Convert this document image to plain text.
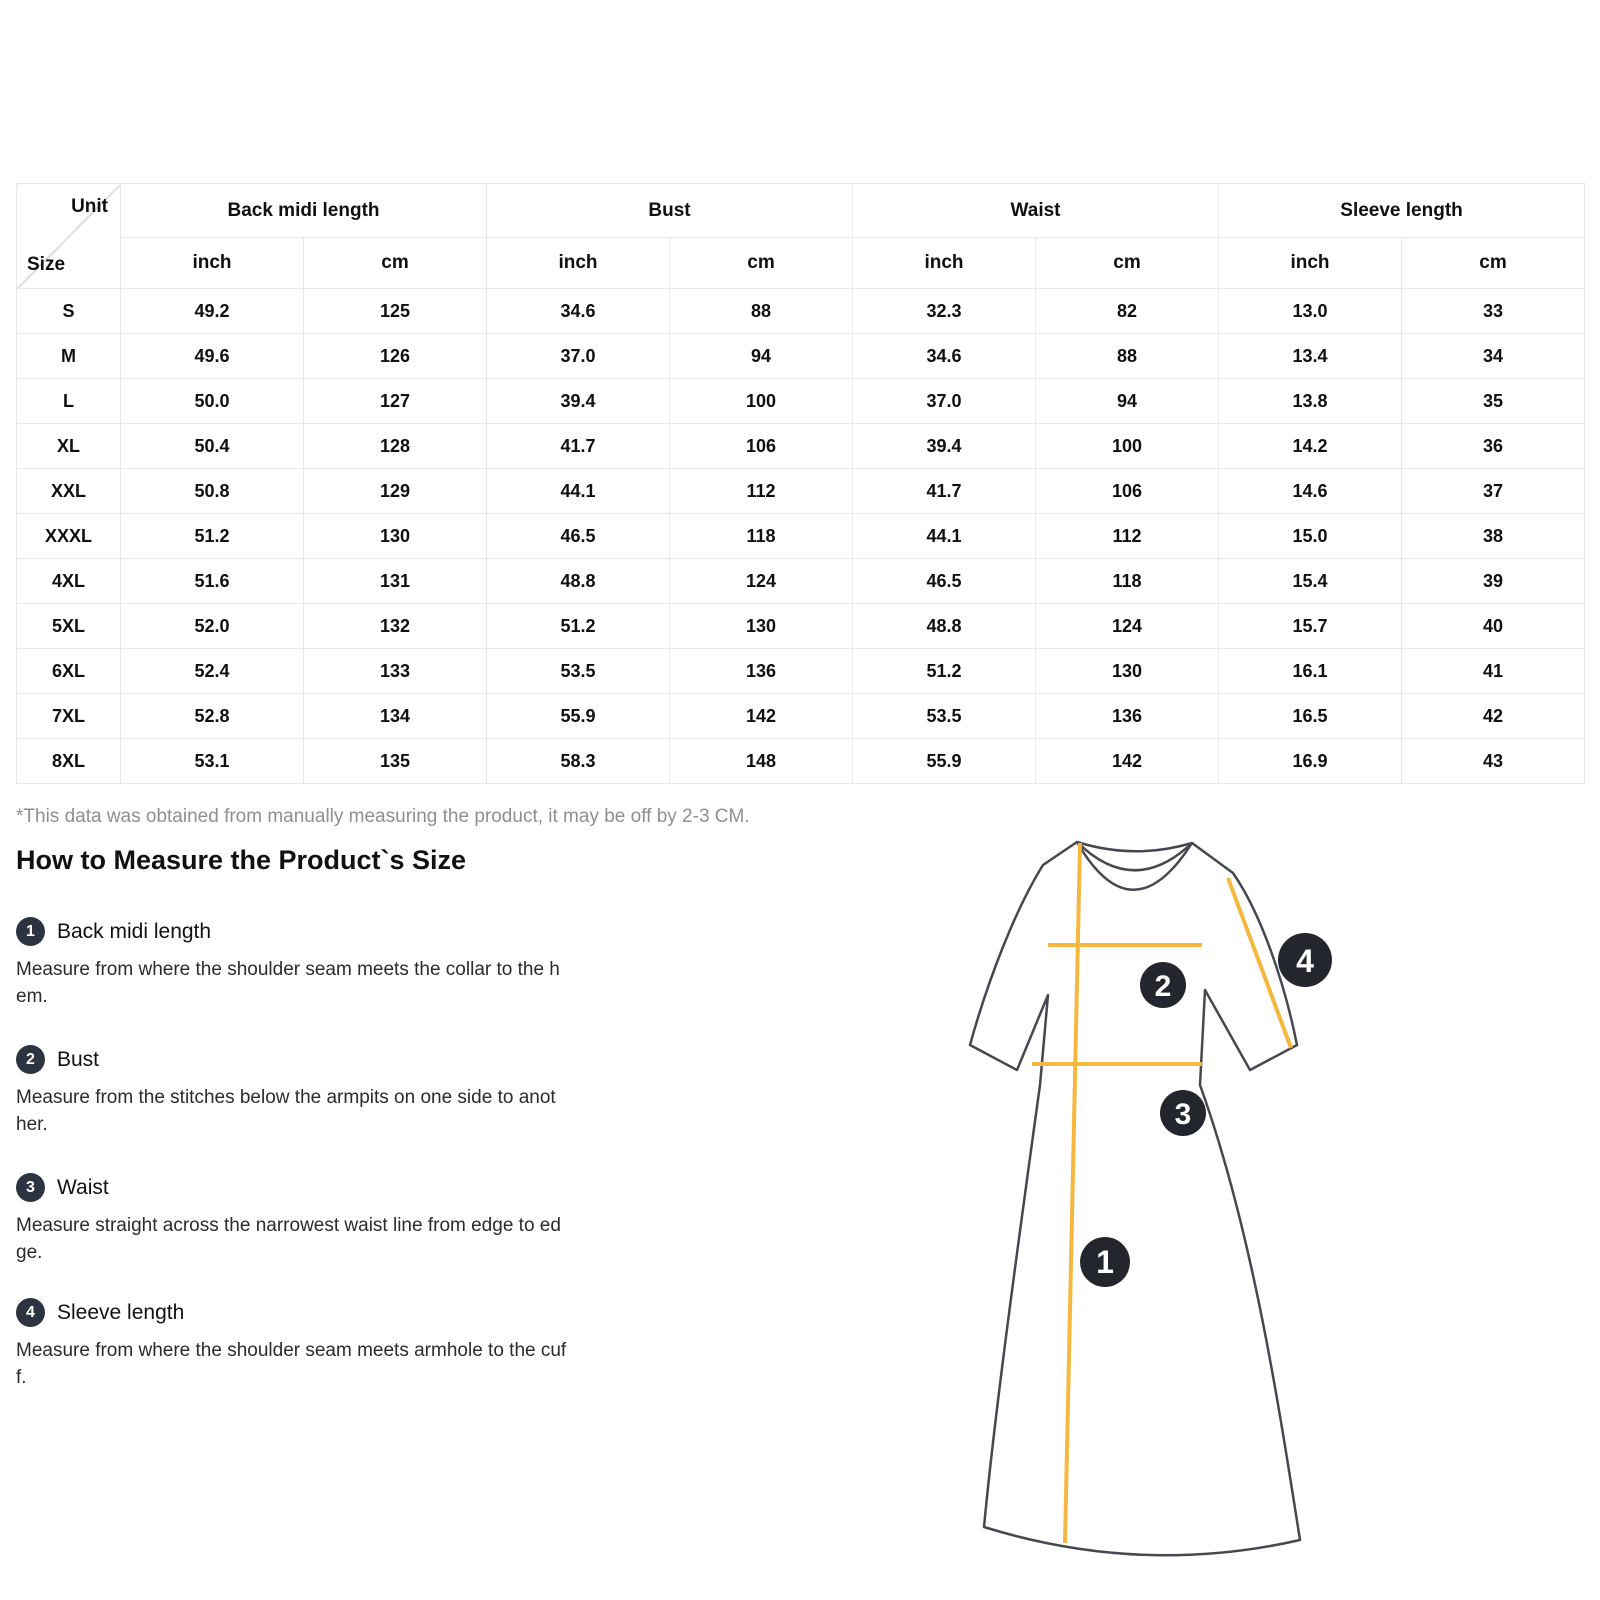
Unit
Size	Back midi length		Bust		Waist		Sleeve length	
	inch	cm	inch	cm	inch	cm	inch	cm
S	49.2	125	34.6	88	32.3	82	13.0	33
M	49.6	126	37.0	94	34.6	88	13.4	34
L	50.0	127	39.4	100	37.0	94	13.8	35
XL	50.4	128	41.7	106	39.4	100	14.2	36
XXL	50.8	129	44.1	112	41.7	106	14.6	37
XXXL	51.2	130	46.5	118	44.1	112	15.0	38
4XL	51.6	131	48.8	124	46.5	118	15.4	39
5XL	52.0	132	51.2	130	48.8	124	15.7	40
6XL	52.4	133	53.5	136	51.2	130	16.1	41
7XL	52.8	134	55.9	142	53.5	136	16.5	42
8XL	53.1	135	58.3	148	55.9	142	16.9	43
*This data was obtained from manually measuring the product, it may be off by 2-3 CM.
How to Measure the Product`s Size
1	Back midi length
Measure from where the shoulder seam meets the collar to the h
em.
2	Bust
Measure from the stitches below the armpits on one side to anot
her.
3	Waist
Measure straight across the narrowest waist line from edge to ed
ge.
4	Sleeve length
Measure from where the shoulder seam meets armhole to the cuf
f.
1
2
3
4
